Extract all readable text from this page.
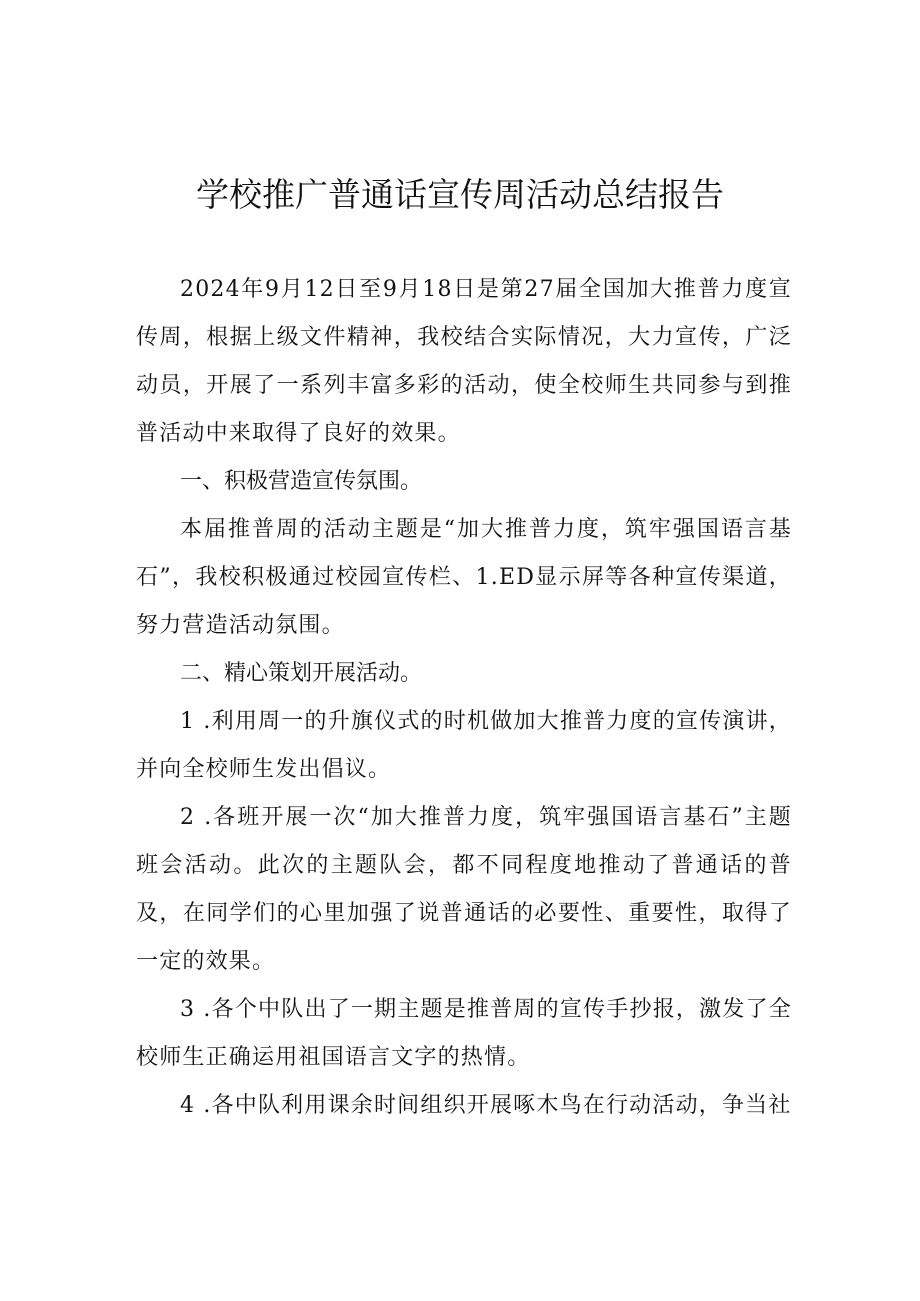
学校推广普通话宣传周活动总结报告

2024年9月12日至9月18日是第27届全国加大推普力度宣传周，根据上级文件精神，我校结合实际情况，大力宣传，广泛动员，开展了一系列丰富多彩的活动，使全校师生共同参与到推普活动中来取得了良好的效果。

一、积极营造宣传氛围。

本届推普周的活动主题是“加大推普力度，筑牢强国语言基石”，我校积极通过校园宣传栏、1.ED显示屏等各种宣传渠道，努力营造活动氛围。

二、精心策划开展活动。

1 .利用周一的升旗仪式的时机做加大推普力度的宣传演讲，并向全校师生发出倡议。

2 .各班开展一次“加大推普力度，筑牢强国语言基石”主题班会活动。此次的主题队会，都不同程度地推动了普通话的普及，在同学们的心里加强了说普通话的必要性、重要性，取得了一定的效果。

3 .各个中队出了一期主题是推普周的宣传手抄报，激发了全校师生正确运用祖国语言文字的热情。

4 .各中队利用课余时间组织开展啄木鸟在行动活动，争当社
